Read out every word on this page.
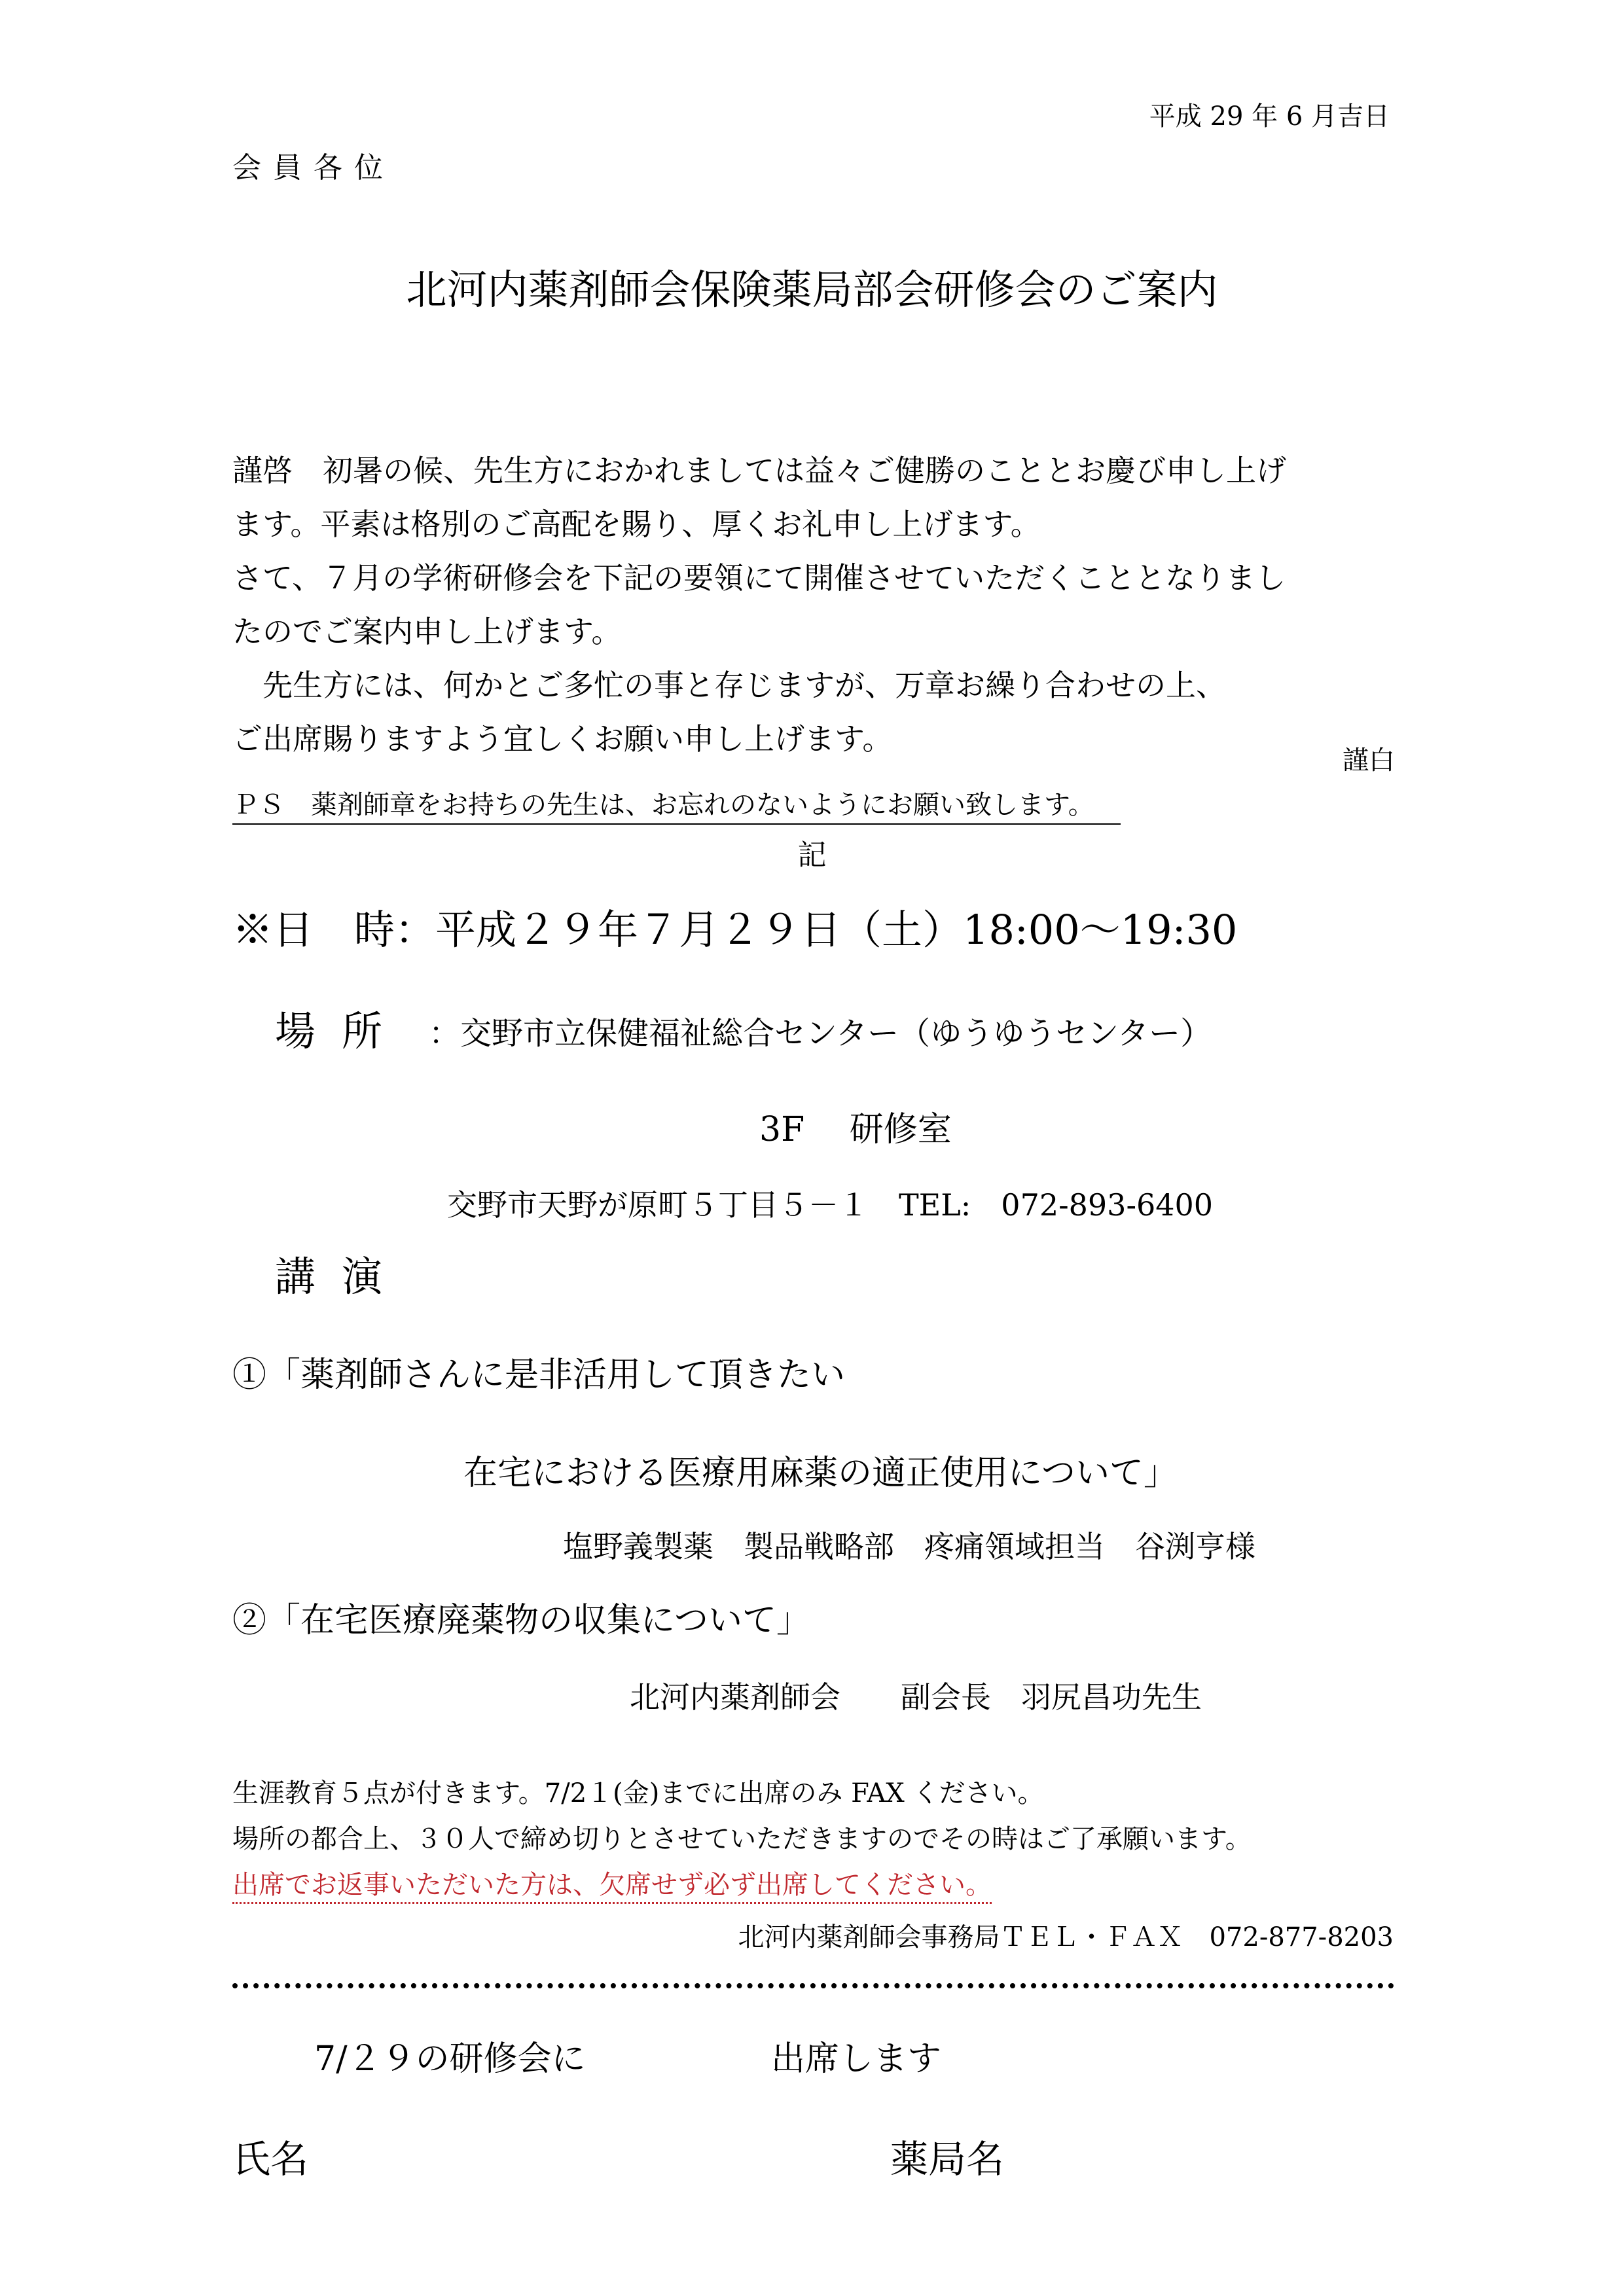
平成 29 年 6 月吉日
会員各位
北河内薬剤師会保険薬局部会研修会のご案内
謹啓　初暑の候、先生方におかれましては益々ご健勝のこととお慶び申し上げ
ます。平素は格別のご高配を賜り、厚くお礼申し上げます。
さて、７月の学術研修会を下記の要領にて開催させていただくこととなりまし
たのでご案内申し上げます。
　先生方には、何かとご多忙の事と存じますが、万章お繰り合わせの上、
ご出席賜りますよう宜しくお願い申し上げます。
謹白
ＰＳ　薬剤師章をお持ちの先生は、お忘れのないようにお願い致します。
記
※日　時：平成２９年７月２９日（土）18:00～19:30
場所 ：交野市立保健福祉総合センター（ゆうゆうセンター）
3F　 研修室
交野市天野が原町５丁目５－１　TEL:　072-893-6400
講演
①「薬剤師さんに是非活用して頂きたい
在宅における医療用麻薬の適正使用について」
塩野義製薬　製品戦略部　疼痛領域担当　谷渕亨様
②「在宅医療廃薬物の収集について」
北河内薬剤師会　　副会長　羽尻昌功先生
生涯教育５点が付きます。7/2１(金)までに出席のみ FAX ください。
場所の都合上、３０人で締め切りとさせていただきますのでその時はご了承願います。
出席でお返事いただいた方は、欠席せず必ず出席してください。
北河内薬剤師会事務局ＴＥＬ・ＦＡＸ　072-877-8203
7/２９の研修会に	出席します
氏名	薬局名
